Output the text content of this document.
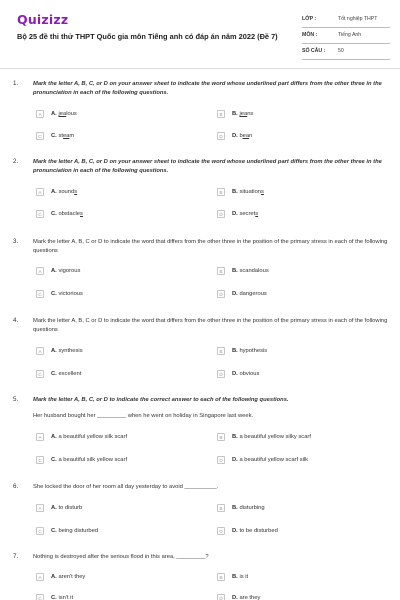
Quizizz
Bộ 25 đề thi thử THPT Quốc gia môn Tiếng anh có đáp án năm 2022 (Đề 7)
LỚP :	Tốt nghiệp THPT
MÔN :	Tiếng Anh
SỐ CÂU : 50
1.	Mark the letter A, B, C, or D on your answer sheet to indicate the word whose underlined part differs from the other three in the pronunciation in each of the following questions.
A	A. jealous	B	B. jeans
C	C. steam	D	D. bean
2.	Mark the letter A, B, C, or D on your answer sheet to indicate the word whose underlined part differs from the other three in the pronunciation in each of the following questions.
A	A. sounds	B	B. situations
C	C. obstacles	D	D. secrets
3.	Mark the letter A, B, C or D to indicate the word that differs from the other three in the position of the primary stress in each of the following questions
A	A. vigorous	B	B. scandalous
C	C. victorious	D	D. dangerous
4.	Mark the letter A, B, C or D to indicate the word that differs from the other three in the position of the primary stress in each of the following questions
A	A. synthesis	B	B. hypothesis
C	C. excellent	D	D. obvious
5.	Mark the letter A, B, C, or D to indicate the correct answer to each of the following questions.
Her husband bought her _________ when he went on holiday in Singapore last week.
A	A. a beautiful yellow silk scarf	B	B. a beautiful yellow silky scarf
C	C. a beautiful silk yellow scarf	D	D. a beautiful yellow scarf silk
6.	She locked the door of her room all day yesterday to avoid __________.
A	A. to disturb	B	B. disturbing
C	C. being disturbed	D	D. to be disturbed
7.	Nothing is destroyed after the serious flood in this area, _________?
A	A. aren't they	B	B. is it
C	C. isn't it	D	D. are they
